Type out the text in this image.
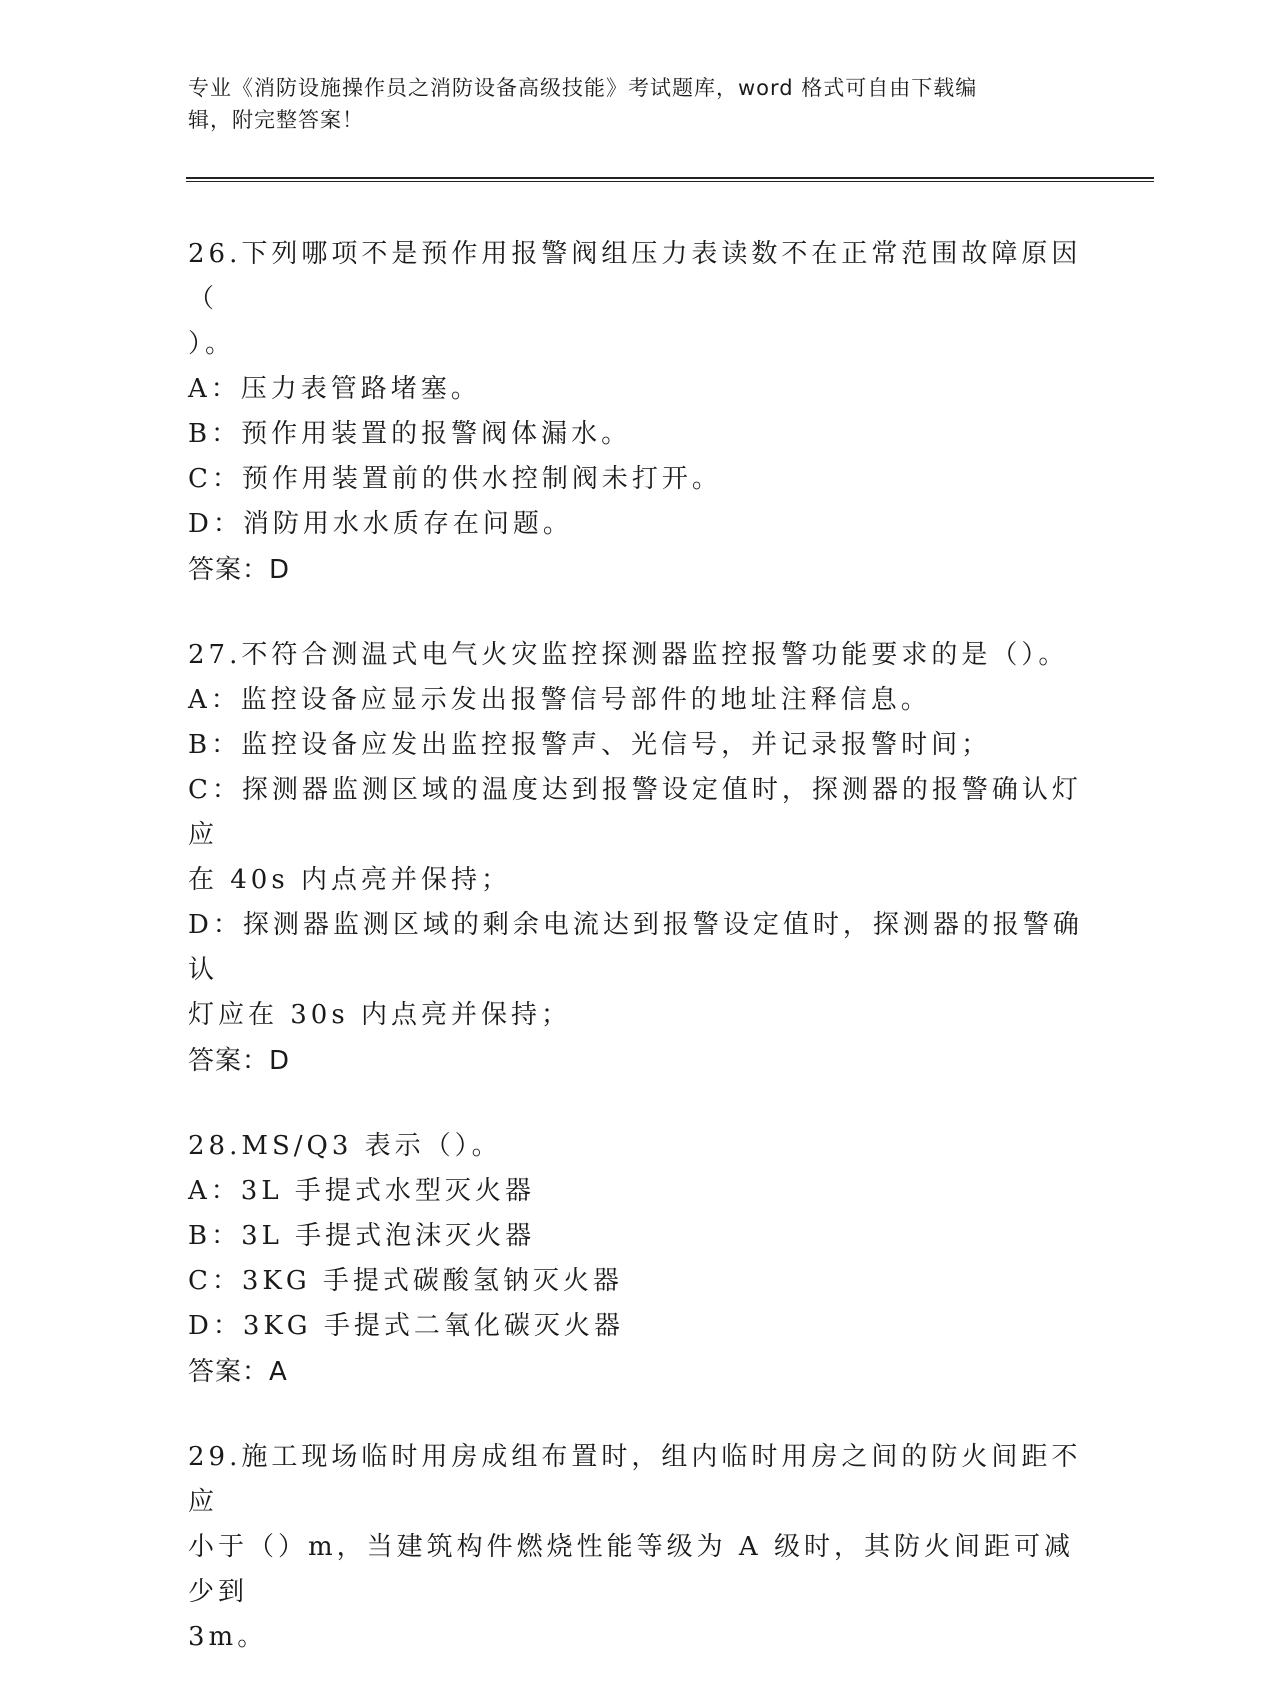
专业《消防设施操作员之消防设备高级技能》考试题库，word 格式可自由下载编
辑，附完整答案！
26.下列哪项不是预作用报警阀组压力表读数不在正常范围故障原因（
）。
A：压力表管路堵塞。
B：预作用装置的报警阀体漏水。
C：预作用装置前的供水控制阀未打开。
D：消防用水水质存在问题。
答案：D
27.不符合测温式电气火灾监控探测器监控报警功能要求的是（）。
A：监控设备应显示发出报警信号部件的地址注释信息。
B：监控设备应发出监控报警声、光信号，并记录报警时间；
C：探测器监测区域的温度达到报警设定值时，探测器的报警确认灯应
在 40s 内点亮并保持；
D：探测器监测区域的剩余电流达到报警设定值时，探测器的报警确认
灯应在 30s 内点亮并保持；
答案：D
28.MS/Q3 表示（）。
A：3L 手提式水型灭火器
B：3L 手提式泡沫灭火器
C：3KG 手提式碳酸氢钠灭火器
D：3KG 手提式二氧化碳灭火器
答案：A
29.施工现场临时用房成组布置时，组内临时用房之间的防火间距不应
小于（）m，当建筑构件燃烧性能等级为 A 级时，其防火间距可减少到
3m。
